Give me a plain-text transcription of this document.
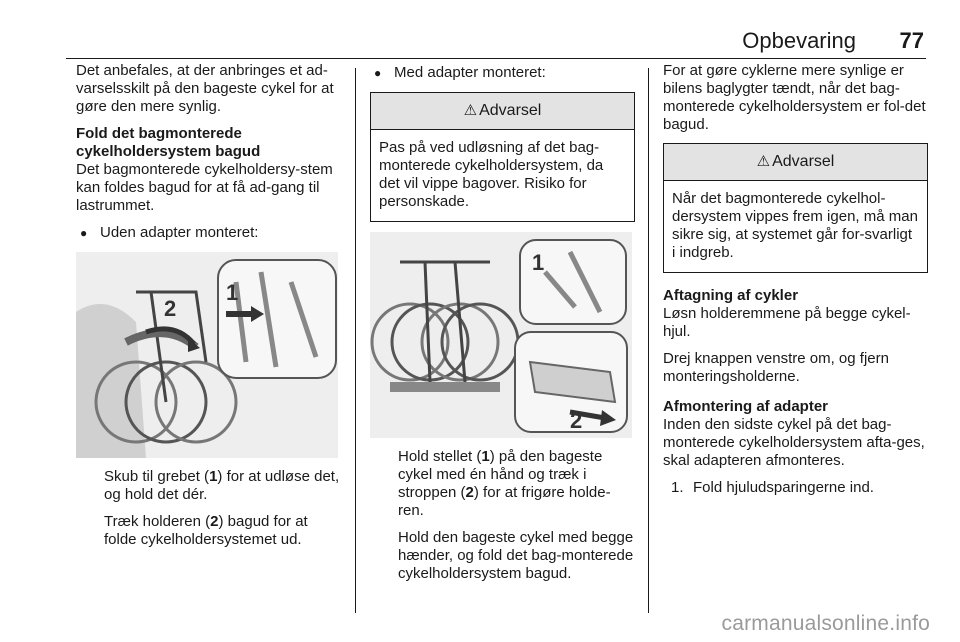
Opbevaring 77

Det anbefales, at der anbringes et ad-varselsskilt på den bageste cykel for at gøre den mere synlig.

Fold det bagmonterede cykelholdersystem bagud

Det bagmonterede cykelholdersy-stem kan foldes bagud for at få ad-gang til lastrummet.

● Uden adapter monteret:
1
2

Skub til grebet (1) for at udløse det, og hold det dér.

Træk holderen (2) bagud for at folde cykelholdersystemet ud.

● Med adapter monteret:
⚠ Advarsel
Pas på ved udløsning af det bag-monterede cykelholdersystem, da det vil vippe bagover. Risiko for personskade.
1
2

Hold stellet (1) på den bageste cykel med én hånd og træk i stroppen (2) for at frigøre holde-ren.

Hold den bageste cykel med begge hænder, og fold det bag-monterede cykelholdersystem bagud.

For at gøre cyklerne mere synlige er bilens baglygter tændt, når det bag-monterede cykelholdersystem er fol-det bagud.

⚠ Advarsel
Når det bagmonterede cykelhol-dersystem vippes frem igen, må man sikre sig, at systemet går for-svarligt i indgreb.

Aftagning af cykler

Løsn holderemmene på begge cykel-hjul.

Drej knappen venstre om, og fjern monteringsholderne.

Afmontering af adapter

Inden den sidste cykel på det bag-monterede cykelholdersystem afta-ges, skal adapteren afmonteres.

1. Fold hjuludsparingerne ind.

carmanualsonline.info
